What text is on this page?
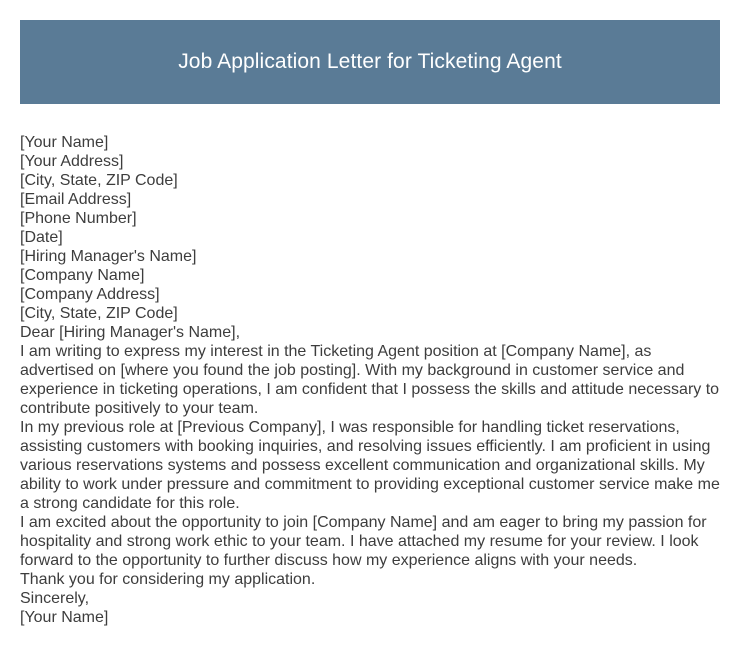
Job Application Letter for Ticketing Agent
[Your Name]
[Your Address]
[City, State, ZIP Code]
[Email Address]
[Phone Number]
[Date]
[Hiring Manager's Name]
[Company Name]
[Company Address]
[City, State, ZIP Code]
Dear [Hiring Manager's Name],
I am writing to express my interest in the Ticketing Agent position at [Company Name], as advertised on [where you found the job posting]. With my background in customer service and experience in ticketing operations, I am confident that I possess the skills and attitude necessary to contribute positively to your team.
In my previous role at [Previous Company], I was responsible for handling ticket reservations, assisting customers with booking inquiries, and resolving issues efficiently. I am proficient in using various reservations systems and possess excellent communication and organizational skills. My ability to work under pressure and commitment to providing exceptional customer service make me a strong candidate for this role.
I am excited about the opportunity to join [Company Name] and am eager to bring my passion for hospitality and strong work ethic to your team. I have attached my resume for your review. I look forward to the opportunity to further discuss how my experience aligns with your needs.
Thank you for considering my application.
Sincerely,
[Your Name]
